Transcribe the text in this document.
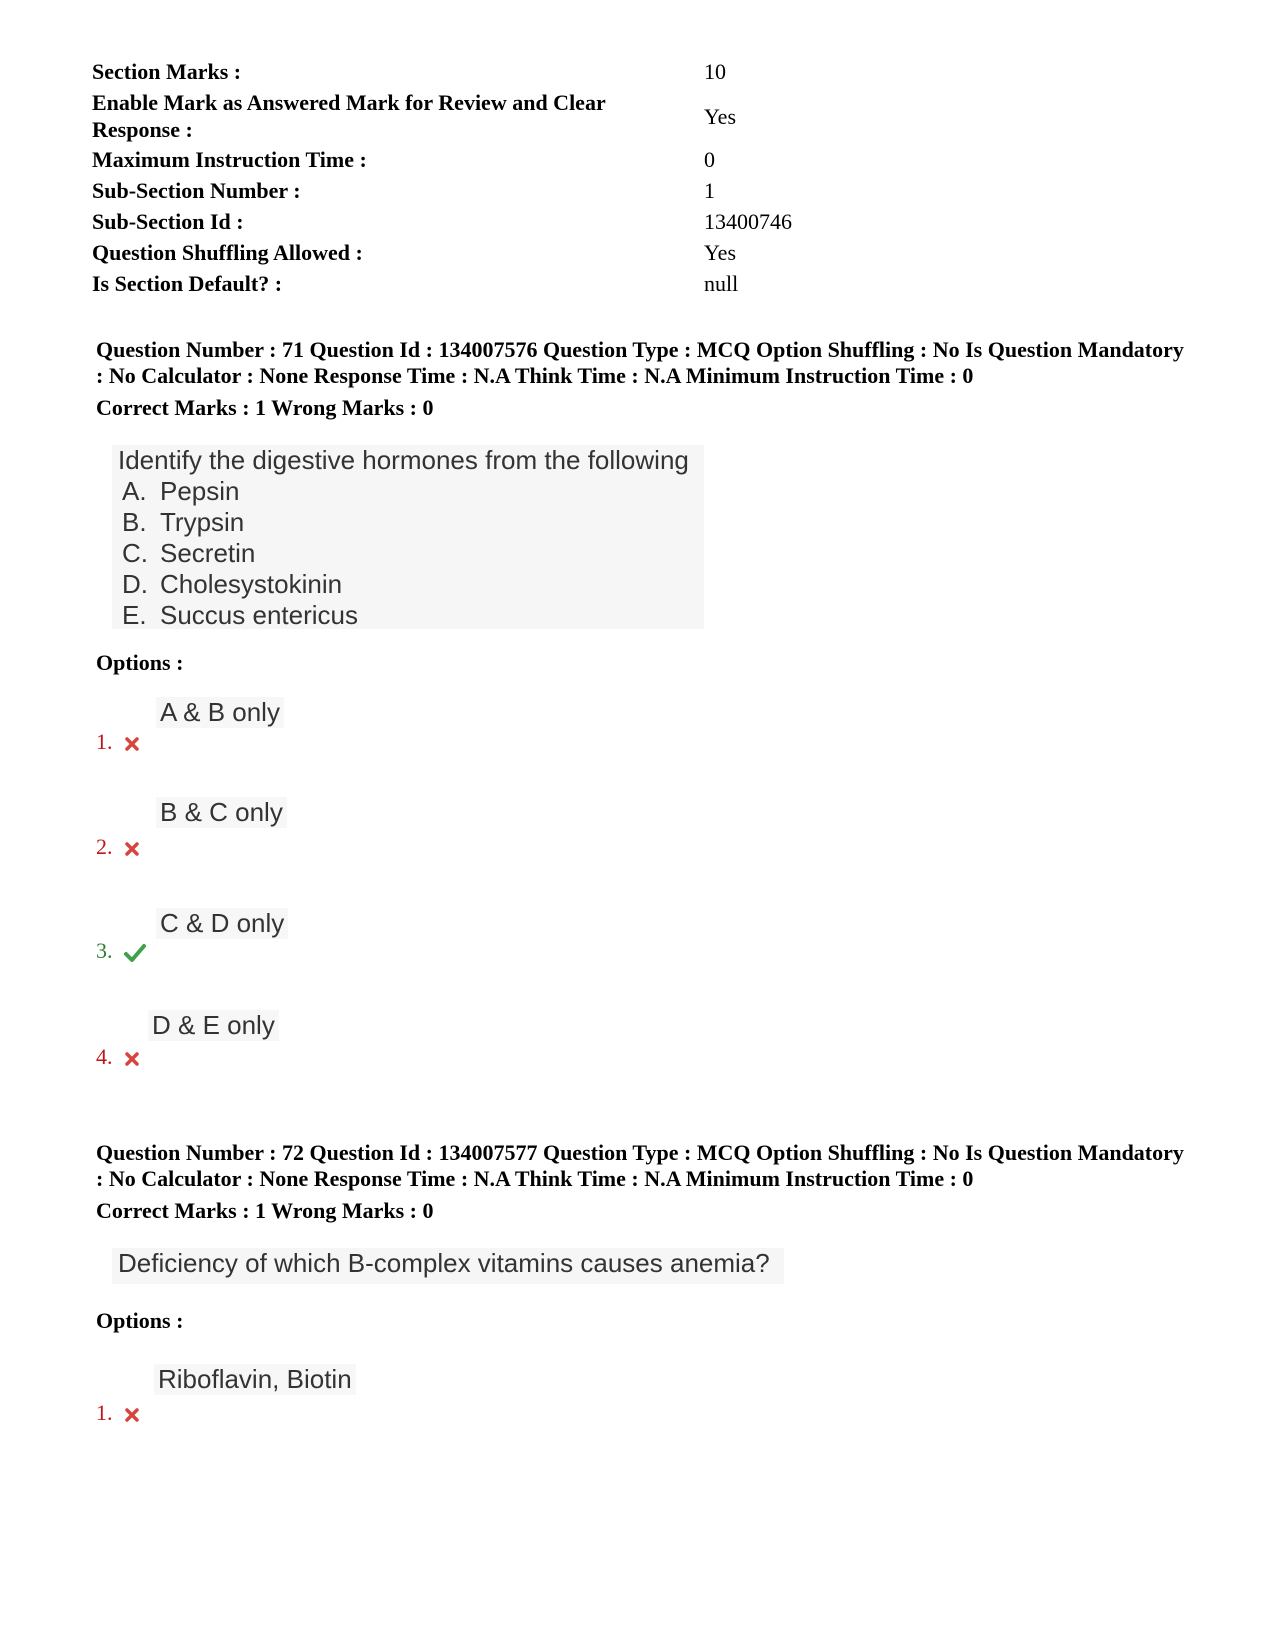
Section Marks :	10
Enable Mark as Answered Mark for Review and Clear Response :
Yes
Maximum Instruction Time :	0
Sub-Section Number :	1
Sub-Section Id :	13400746
Question Shuffling Allowed :	Yes
Is Section Default? :	null
Question Number : 71 Question Id : 134007576 Question Type : MCQ Option Shuffling : No Is Question Mandatory : No Calculator : None Response Time : N.A Think Time : N.A Minimum Instruction Time : 0
Correct Marks : 1 Wrong Marks : 0
Identify the digestive hormones from the following
A. Pepsin
B. Trypsin
C. Secretin
D. Cholesystokinin
E. Succus entericus
Options :
A & B only
1.
B & C only
2.
C & D only
3.
D & E only
4.
Question Number : 72 Question Id : 134007577 Question Type : MCQ Option Shuffling : No Is Question Mandatory : No Calculator : None Response Time : N.A Think Time : N.A Minimum Instruction Time : 0
Correct Marks : 1 Wrong Marks : 0
Deficiency of which B-complex vitamins causes anemia?
Options :
Riboflavin, Biotin
1.
